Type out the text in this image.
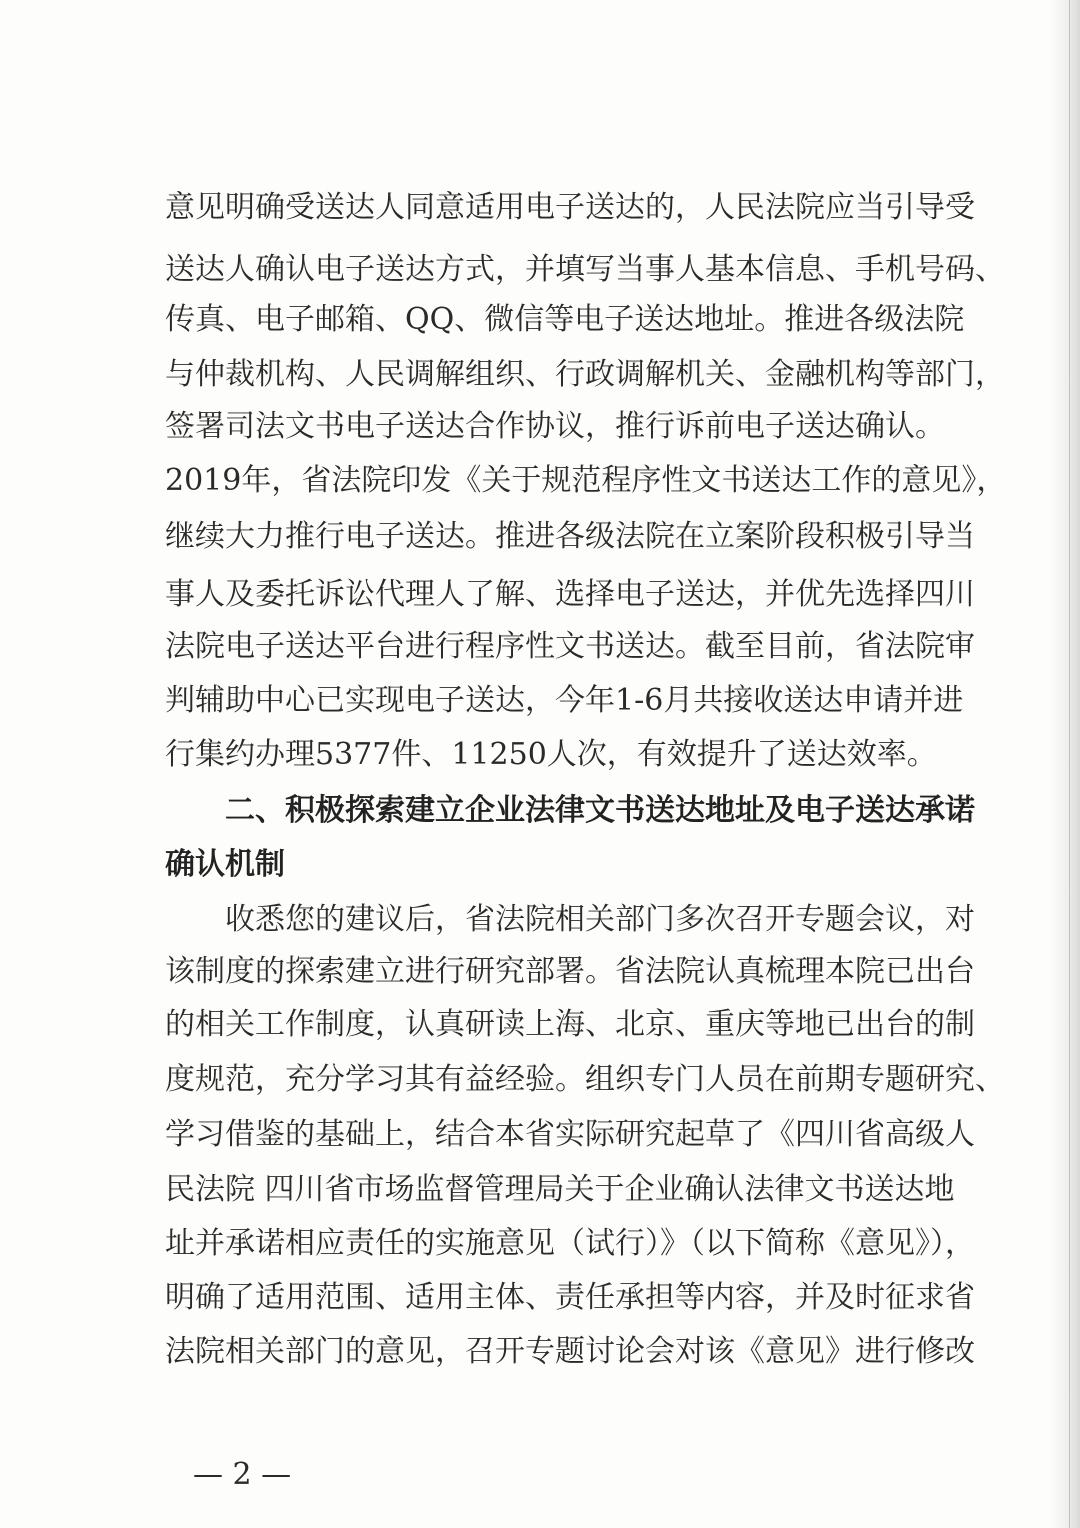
意见明确受送达人同意适用电子送达的，人民法院应当引导受
送达人确认电子送达方式，并填写当事人基本信息、手机号码、
传真、电子邮箱、QQ、微信等电子送达地址。推进各级法院
与仲裁机构、人民调解组织、行政调解机关、金融机构等部门，
签署司法文书电子送达合作协议，推行诉前电子送达确认。
2019年，省法院印发《关于规范程序性文书送达工作的意见》，
继续大力推行电子送达。推进各级法院在立案阶段积极引导当
事人及委托诉讼代理人了解、选择电子送达，并优先选择四川
法院电子送达平台进行程序性文书送达。截至目前，省法院审
判辅助中心已实现电子送达，今年1-6月共接收送达申请并进
行集约办理5377件、11250人次，有效提升了送达效率。
二、积极探索建立企业法律文书送达地址及电子送达承诺
确认机制
收悉您的建议后，省法院相关部门多次召开专题会议，对
该制度的探索建立进行研究部署。省法院认真梳理本院已出台
的相关工作制度，认真研读上海、北京、重庆等地已出台的制
度规范，充分学习其有益经验。组织专门人员在前期专题研究、
学习借鉴的基础上，结合本省实际研究起草了《四川省高级人
民法院 四川省市场监督管理局关于企业确认法律文书送达地
址并承诺相应责任的实施意见（试行）》（以下简称《意见》），
明确了适用范围、适用主体、责任承担等内容，并及时征求省
法院相关部门的意见，召开专题讨论会对该《意见》进行修改
— 2 —
